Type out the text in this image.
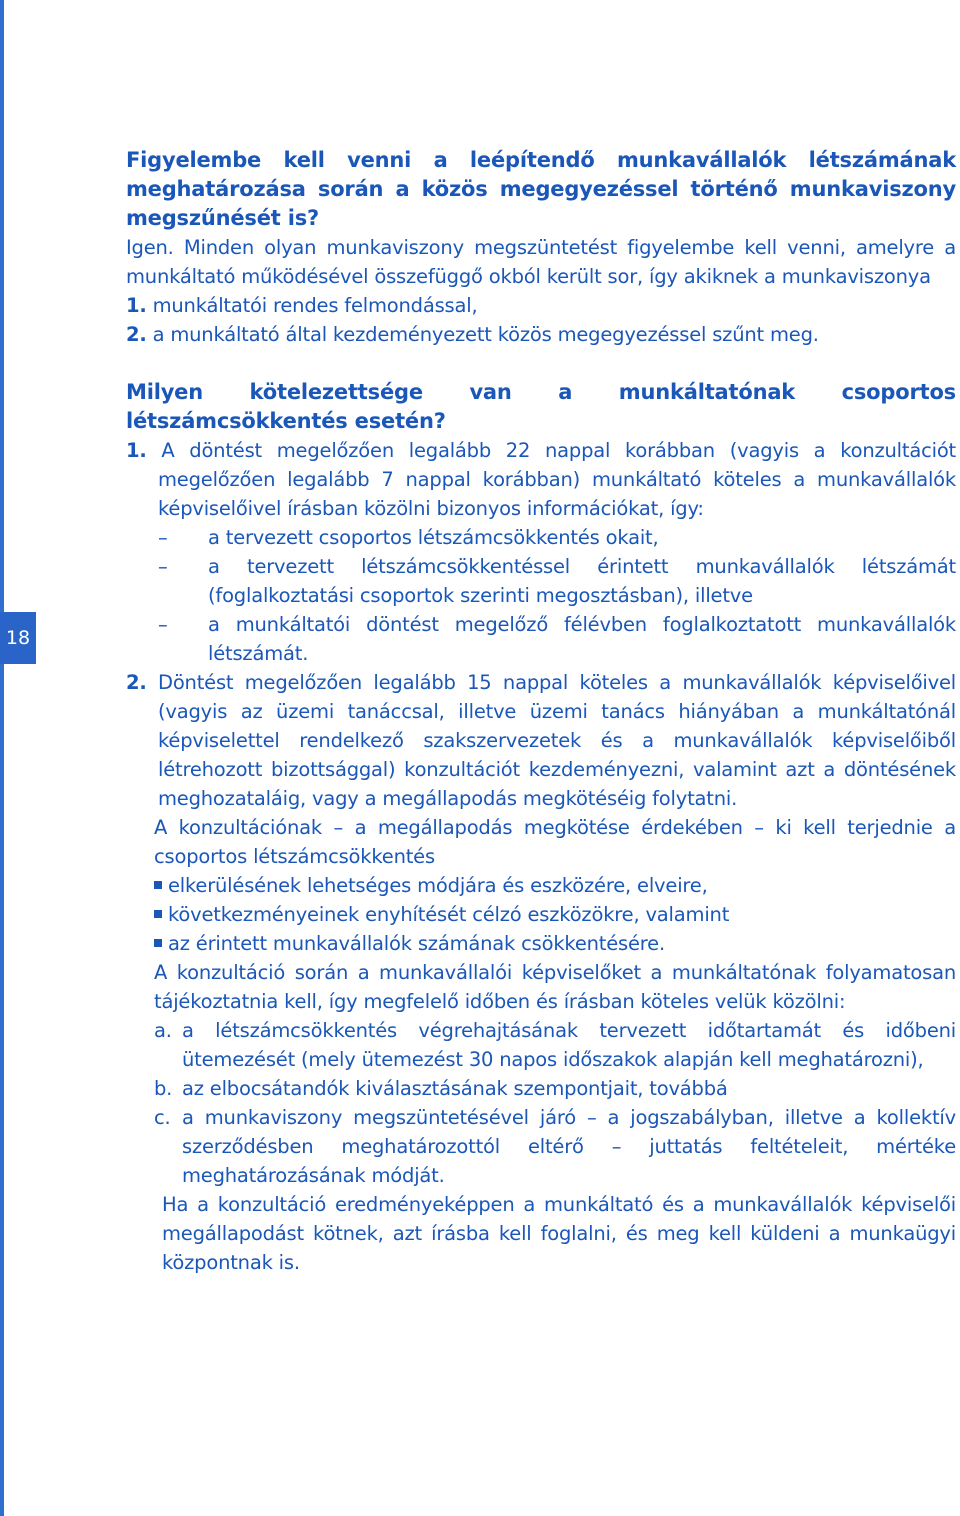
18

Figyelembe kell venni a leépítendő munkavállalók létszámának meghatározása során a közös megegyezéssel történő munkaviszony megszűnését is?

Igen. Minden olyan munkaviszony megszüntetést figyelembe kell venni, amelyre a munkáltató működésével összefüggő okból került sor, így akiknek a munkaviszonya

1. munkáltatói rendes felmondással,

2. a munkáltató által kezdeményezett közös megegyezéssel szűnt meg.

Milyen kötelezettsége van a munkáltatónak csoportos létszámcsökkentés esetén?

1. A döntést megelőzően legalább 22 nappal korábban (vagyis a konzultációt megelőzően legalább 7 nappal korábban) munkáltató köteles a munkavállalók képviselőivel írásban közölni bizonyos információkat, így:

– a tervezett csoportos létszámcsökkentés okait,

– a tervezett létszámcsökkentéssel érintett munkavállalók létszámát (foglalkoztatási csoportok szerinti megosztásban), illetve

– a munkáltatói döntést megelőző félévben foglalkoztatott munkavállalók létszámát.

2. Döntést megelőzően legalább 15 nappal köteles a munkavállalók képviselőivel (vagyis az üzemi tanáccsal, illetve üzemi tanács hiányában a munkáltatónál képviselettel rendelkező szakszervezetek és a munkavállalók képviselőiből létrehozott bizottsággal) konzultációt kezdeményezni, valamint azt a döntésének meghozataláig, vagy a megállapodás megkötéséig folytatni.

A konzultációnak – a megállapodás megkötése érdekében – ki kell terjednie a csoportos létszámcsökkentés

elkerülésének lehetséges módjára és eszközére, elveire,

következményeinek enyhítését célzó eszközökre, valamint

az érintett munkavállalók számának csökkentésére.

A konzultáció során a munkavállalói képviselőket a munkáltatónak folyamatosan tájékoztatnia kell, így megfelelő időben és írásban köteles velük közölni:

a. a létszámcsökkentés végrehajtásának tervezett időtartamát és időbeni ütemezését (mely ütemezést 30 napos időszakok alapján kell meghatározni),

b. az elbocsátandók kiválasztásának szempontjait, továbbá

c. a munkaviszony megszüntetésével járó – a jogszabályban, illetve a kollektív szerződésben meghatározottól eltérő – juttatás feltételeit, mértéke meghatározásának módját.

Ha a konzultáció eredményeképpen a munkáltató és a munkavállalók képviselői megállapodást kötnek, azt írásba kell foglalni, és meg kell küldeni a munkaügyi központnak is.
